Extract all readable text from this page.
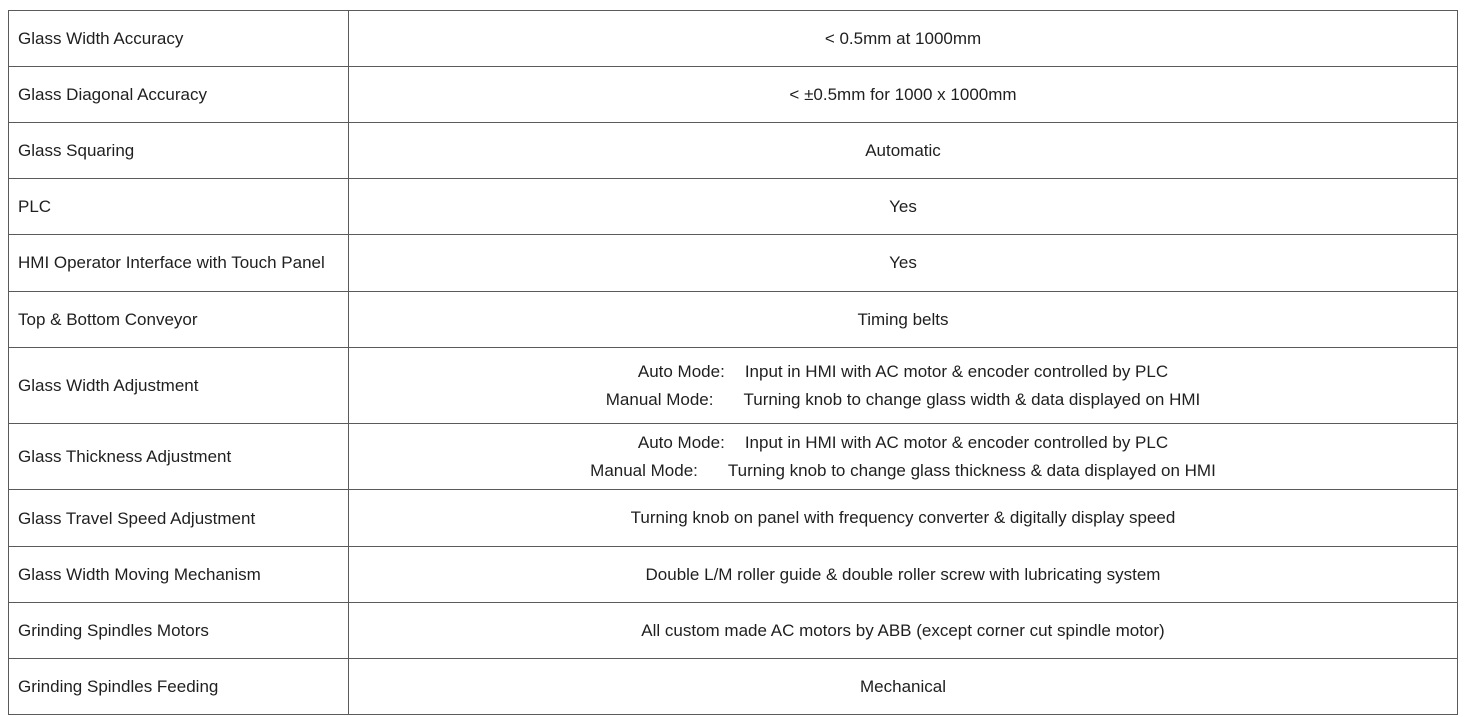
Glass Width Accuracy	< 0.5mm at 1000mm
Glass Diagonal Accuracy	< ±0.5mm for 1000 x 1000mm
Glass Squaring	Automatic
PLC	Yes

HMI Operator Interface with Touch Panel	Yes
Top & Bottom Conveyor	Timing belts
Glass Width Adjustment	Auto Mode: Input in HMI with AC motor & encoder controlled by PLC
Manual Mode: Turning knob to change glass width & data displayed on HMI

Glass Thickness Adjustment	Auto Mode: Input in HMI with AC motor & encoder controlled by PLC
Manual Mode: Turning knob to change glass thickness & data displayed on HMI

Glass Travel Speed Adjustment	Turning knob on panel with frequency converter & digitally display speed
Glass Width Moving Mechanism	Double L/M roller guide & double roller screw with lubricating system
Grinding Spindles Motors	All custom made AC motors by ABB (except corner cut spindle motor)
Grinding Spindles Feeding	Mechanical
